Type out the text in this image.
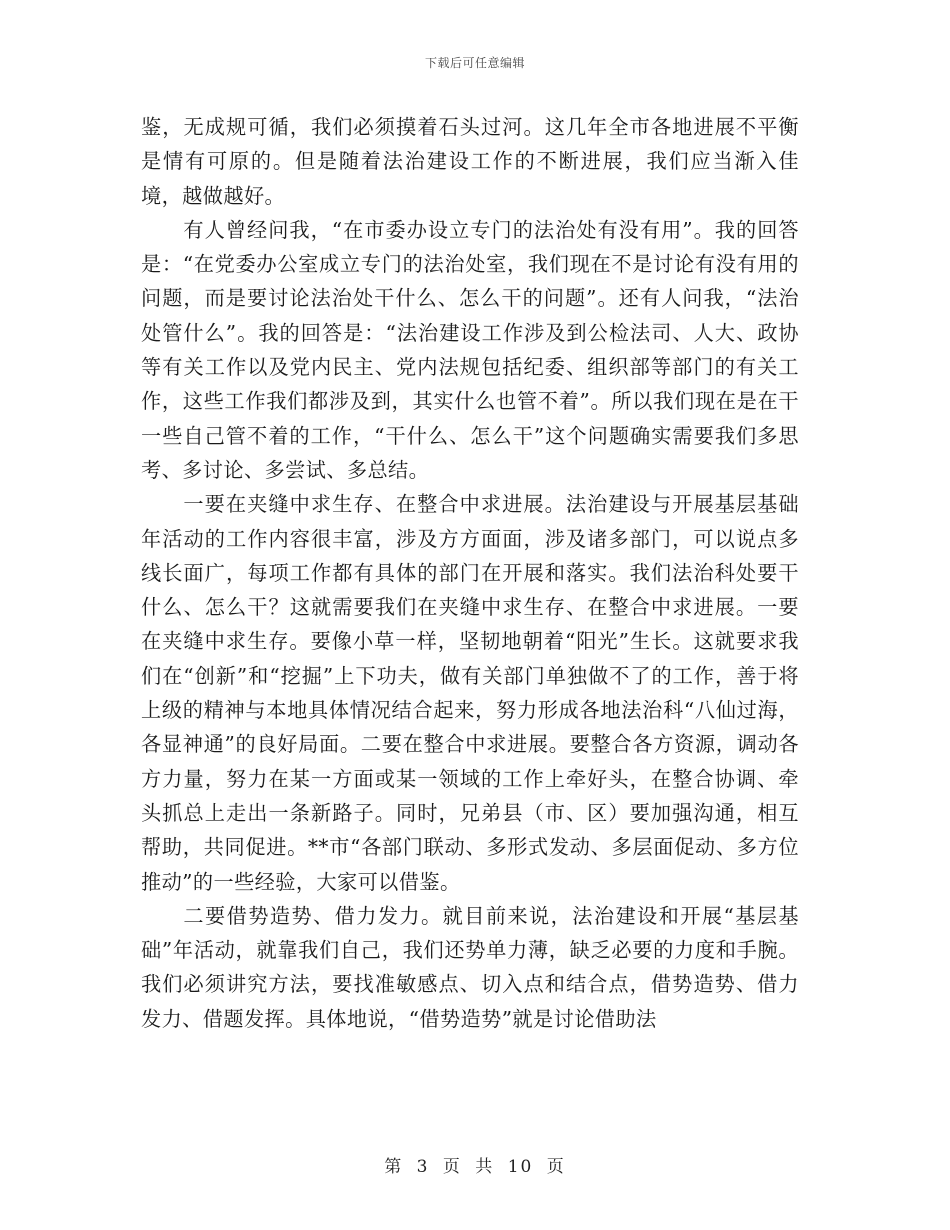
下载后可任意编辑

鉴，无成规可循，我们必须摸着石头过河。这几年全市各地进展不平衡是情有可原的。但是随着法治建设工作的不断进展，我们应当渐入佳境，越做越好。

有人曾经问我，“在市委办设立专门的法治处有没有用”。我的回答是：“在党委办公室成立专门的法治处室，我们现在不是讨论有没有用的问题，而是要讨论法治处干什么、怎么干的问题”。还有人问我，“法治处管什么”。我的回答是：“法治建设工作涉及到公检法司、人大、政协等有关工作以及党内民主、党内法规包括纪委、组织部等部门的有关工作，这些工作我们都涉及到，其实什么也管不着”。所以我们现在是在干一些自己管不着的工作，“干什么、怎么干”这个问题确实需要我们多思考、多讨论、多尝试、多总结。

一要在夹缝中求生存、在整合中求进展。法治建设与开展基层基础年活动的工作内容很丰富，涉及方方面面，涉及诸多部门，可以说点多线长面广，每项工作都有具体的部门在开展和落实。我们法治科处要干什么、怎么干？这就需要我们在夹缝中求生存、在整合中求进展。一要在夹缝中求生存。要像小草一样，坚韧地朝着“阳光”生长。这就要求我们在“创新”和“挖掘”上下功夫，做有关部门单独做不了的工作，善于将上级的精神与本地具体情况结合起来，努力形成各地法治科“八仙过海，各显神通”的良好局面。二要在整合中求进展。要整合各方资源，调动各方力量，努力在某一方面或某一领域的工作上牵好头，在整合协调、牵头抓总上走出一条新路子。同时，兄弟县（市、区）要加强沟通，相互帮助，共同促进。**市“各部门联动、多形式发动、多层面促动、多方位推动”的一些经验，大家可以借鉴。

二要借势造势、借力发力。就目前来说，法治建设和开展“基层基础”年活动，就靠我们自己，我们还势单力薄，缺乏必要的力度和手腕。我们必须讲究方法，要找准敏感点、切入点和结合点，借势造势、借力发力、借题发挥。具体地说，“借势造势”就是讨论借助法

第 3 页 共 10 页
